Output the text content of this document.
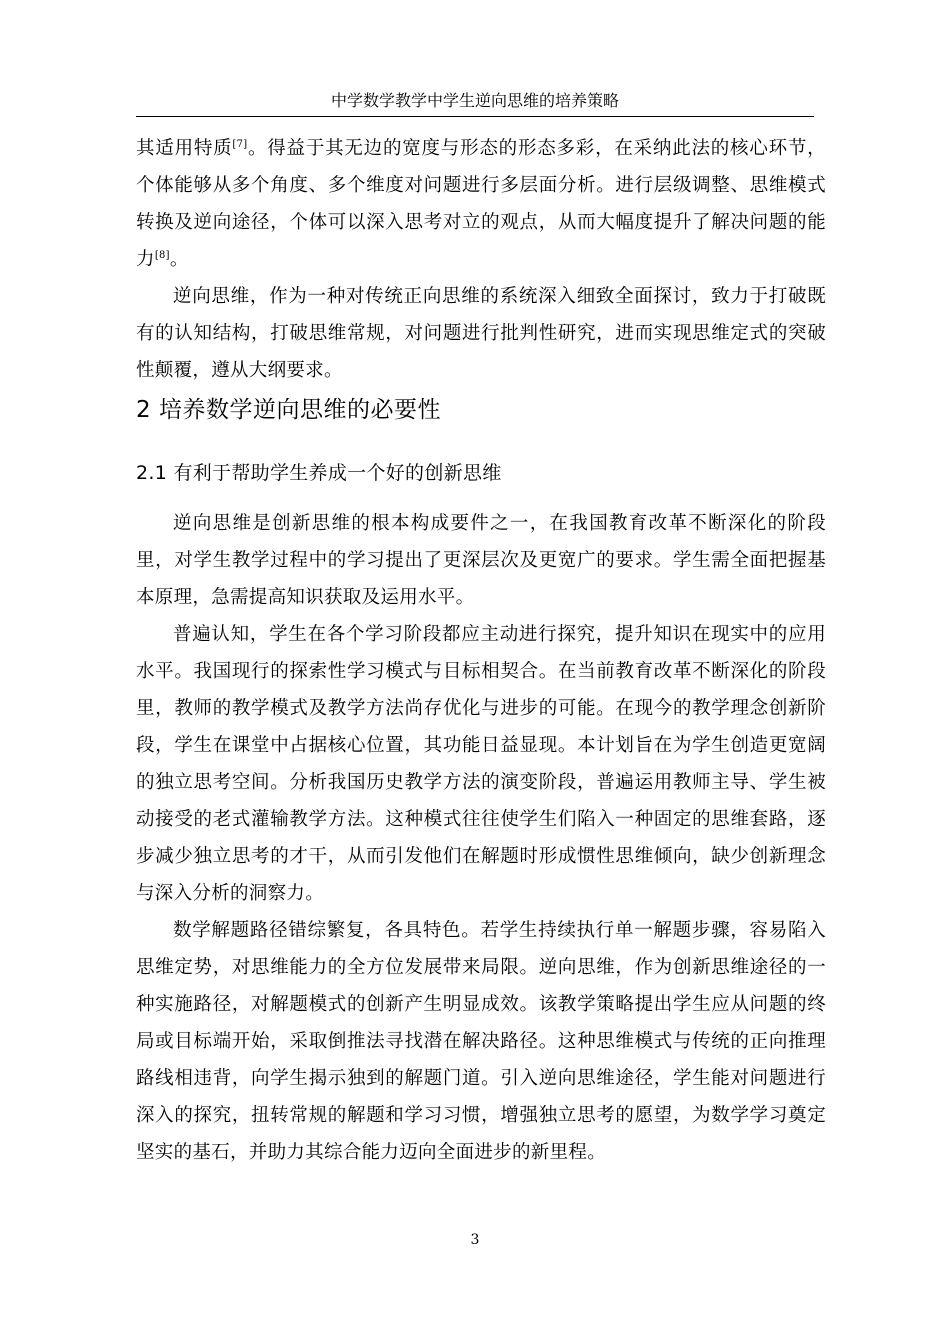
中学数学教学中学生逆向思维的培养策略

其适用特质[7]。得益于其无边的宽度与形态的形态多彩，在采纳此法的核心环节，个体能够从多个角度、多个维度对问题进行多层面分析。进行层级调整、思维模式转换及逆向途径，个体可以深入思考对立的观点，从而大幅度提升了解决问题的能力[8]。

逆向思维，作为一种对传统正向思维的系统深入细致全面探讨，致力于打破既有的认知结构，打破思维常规，对问题进行批判性研究，进而实现思维定式的突破性颠覆，遵从大纲要求。

2 培养数学逆向思维的必要性
2.1 有利于帮助学生养成一个好的创新思维

逆向思维是创新思维的根本构成要件之一，在我国教育改革不断深化的阶段里，对学生教学过程中的学习提出了更深层次及更宽广的要求。学生需全面把握基本原理，急需提高知识获取及运用水平。

普遍认知，学生在各个学习阶段都应主动进行探究，提升知识在现实中的应用水平。我国现行的探索性学习模式与目标相契合。在当前教育改革不断深化的阶段里，教师的教学模式及教学方法尚存优化与进步的可能。在现今的教学理念创新阶段，学生在课堂中占据核心位置，其功能日益显现。本计划旨在为学生创造更宽阔的独立思考空间。分析我国历史教学方法的演变阶段，普遍运用教师主导、学生被动接受的老式灌输教学方法。这种模式往往使学生们陷入一种固定的思维套路，逐步减少独立思考的才干，从而引发他们在解题时形成惯性思维倾向，缺少创新理念与深入分析的洞察力。

数学解题路径错综繁复，各具特色。若学生持续执行单一解题步骤，容易陷入思维定势，对思维能力的全方位发展带来局限。逆向思维，作为创新思维途径的一种实施路径，对解题模式的创新产生明显成效。该教学策略提出学生应从问题的终局或目标端开始，采取倒推法寻找潜在解决路径。这种思维模式与传统的正向推理路线相违背，向学生揭示独到的解题门道。引入逆向思维途径，学生能对问题进行深入的探究，扭转常规的解题和学习习惯，增强独立思考的愿望，为数学学习奠定坚实的基石，并助力其综合能力迈向全面进步的新里程。

3
